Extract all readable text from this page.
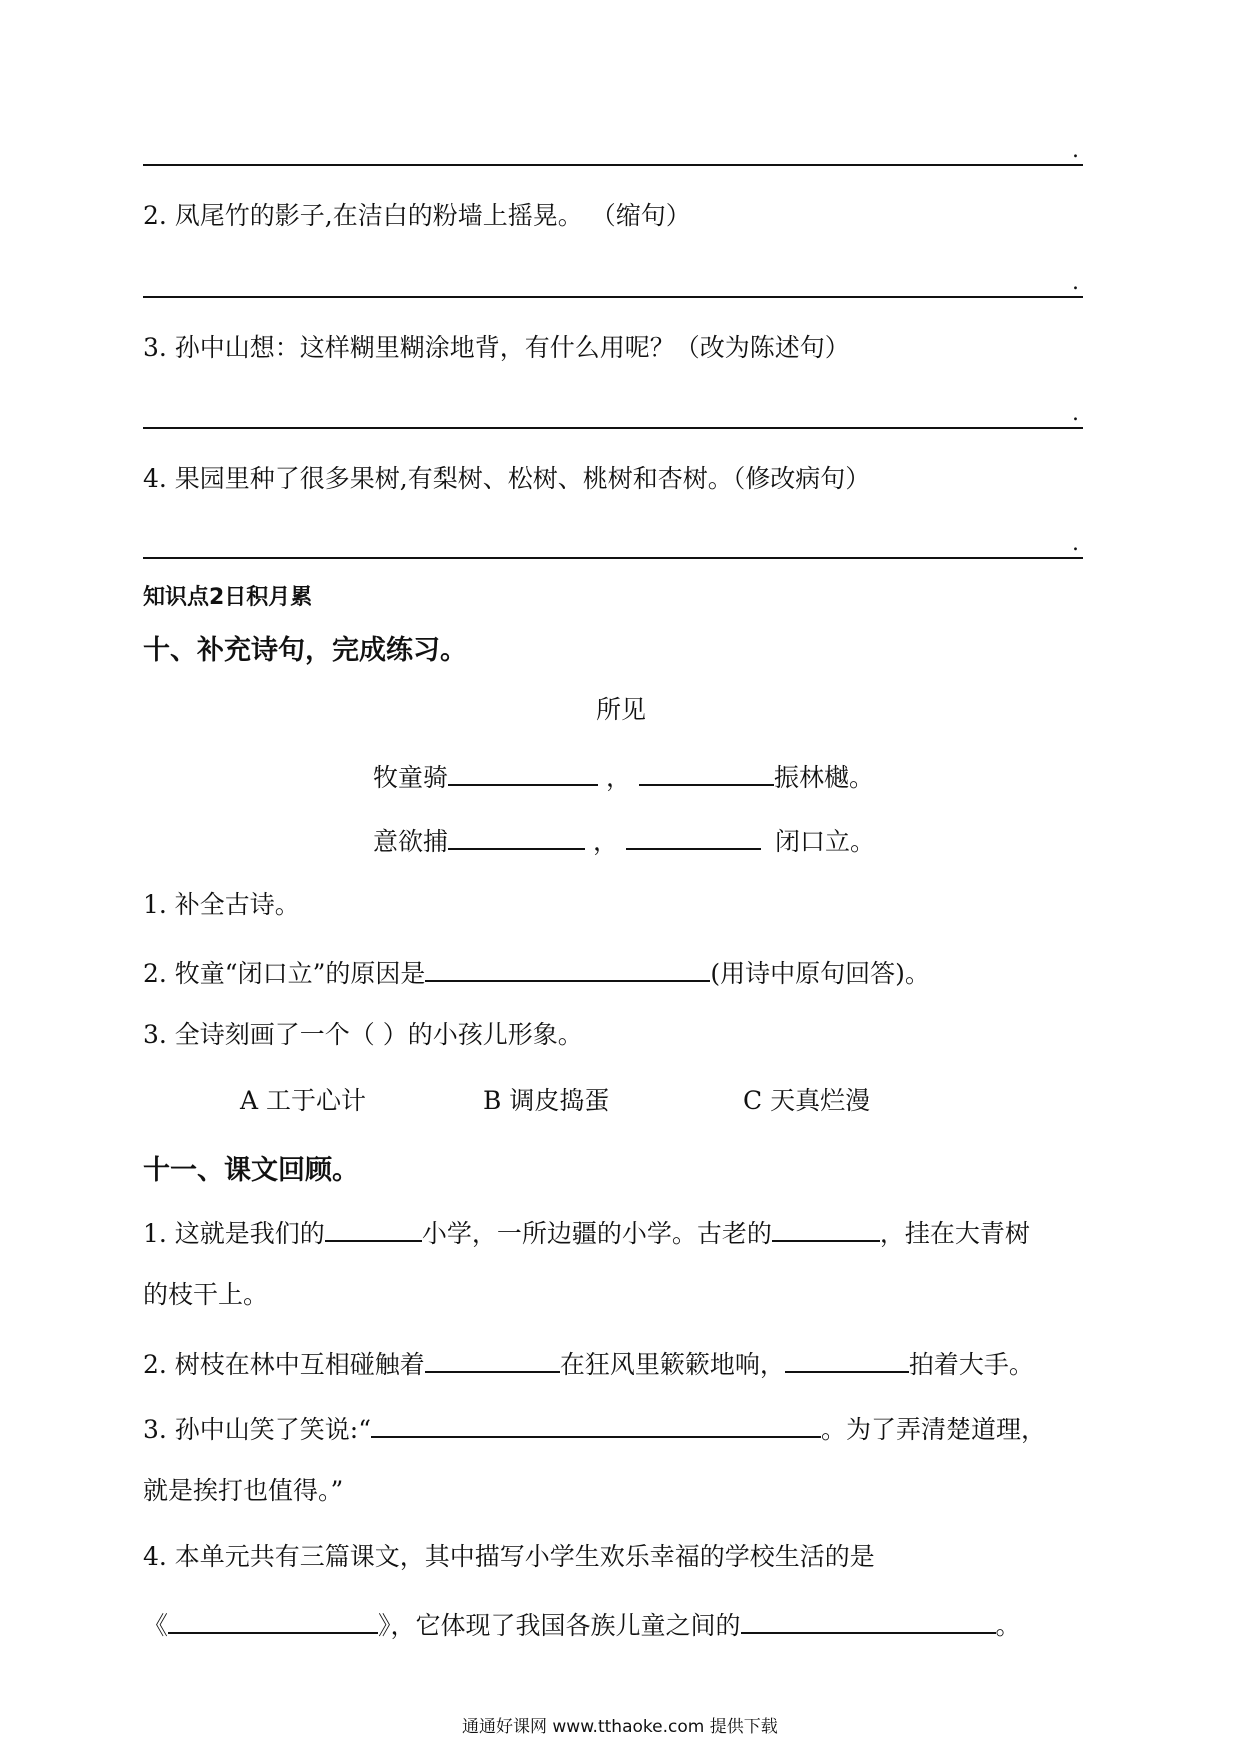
.
2. 凤尾竹的影子,在洁白的粉墙上摇晃。 （缩句）
.
3. 孙中山想：这样糊里糊涂地背，有什么用呢？（改为陈述句）
.
4. 果园里种了很多果树,有梨树、松树、桃树和杏树。（修改病句）
.
知识点2日积月累
十、补充诗句，完成练习。
所见
牧童骑	，	振林樾。
意欲捕	，	闭口立。
1. 补全古诗。
2. 牧童“闭口立”的原因是	(用诗中原句回答)。
3. 全诗刻画了一个（ ）的小孩儿形象。
A 工于心计	B 调皮捣蛋	C 天真烂漫
十一、课文回顾。
1. 这就是我们的	小学，一所边疆的小学。古老的	，挂在大青树
的枝干上。
2. 树枝在林中互相碰触着	在狂风里簌簌地响，	拍着大手。
3. 孙中山笑了笑说:“	。为了弄清楚道理，
就是挨打也值得。”
4. 本单元共有三篇课文，其中描写小学生欢乐幸福的学校生活的是
《	》，它体现了我国各族儿童之间的	。
通通好课网 www.tthaoke.com 提供下载
